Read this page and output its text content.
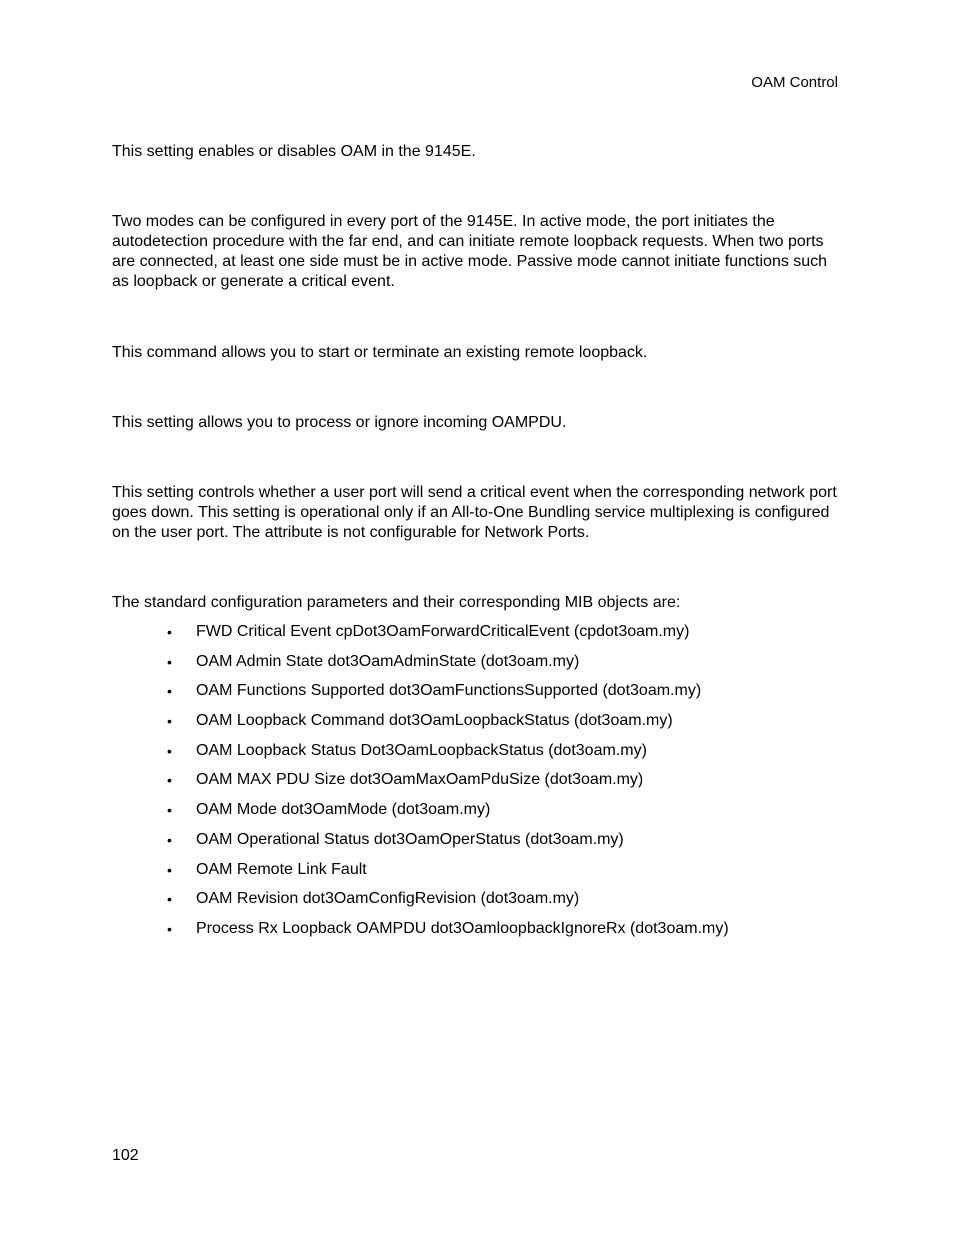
OAM Control

This setting enables or disables OAM in the 9145E.

Two modes can be configured in every port of the 9145E. In active mode, the port initiates the autodetection procedure with the far end, and can initiate remote loopback requests. When two ports are connected, at least one side must be in active mode. Passive mode cannot initiate functions such as loopback or generate a critical event.

This command allows you to start or terminate an existing remote loopback.

This setting allows you to process or ignore incoming OAMPDU.

This setting controls whether a user port will send a critical event when the corresponding network port goes down. This setting is operational only if an All-to-One Bundling service multiplexing is configured on the user port. The attribute is not configurable for Network Ports.

The standard configuration parameters and their corresponding MIB objects are:

• FWD Critical Event cpDot3OamForwardCriticalEvent (cpdot3oam.my)
• OAM Admin State dot3OamAdminState (dot3oam.my)
• OAM Functions Supported dot3OamFunctionsSupported (dot3oam.my)
• OAM Loopback Command dot3OamLoopbackStatus (dot3oam.my)
• OAM Loopback Status Dot3OamLoopbackStatus (dot3oam.my)
• OAM MAX PDU Size dot3OamMaxOamPduSize (dot3oam.my)
• OAM Mode dot3OamMode (dot3oam.my)
• OAM Operational Status dot3OamOperStatus (dot3oam.my)
• OAM Remote Link Fault
• OAM Revision dot3OamConfigRevision (dot3oam.my)
• Process Rx Loopback OAMPDU dot3OamloopbackIgnoreRx (dot3oam.my)
102
